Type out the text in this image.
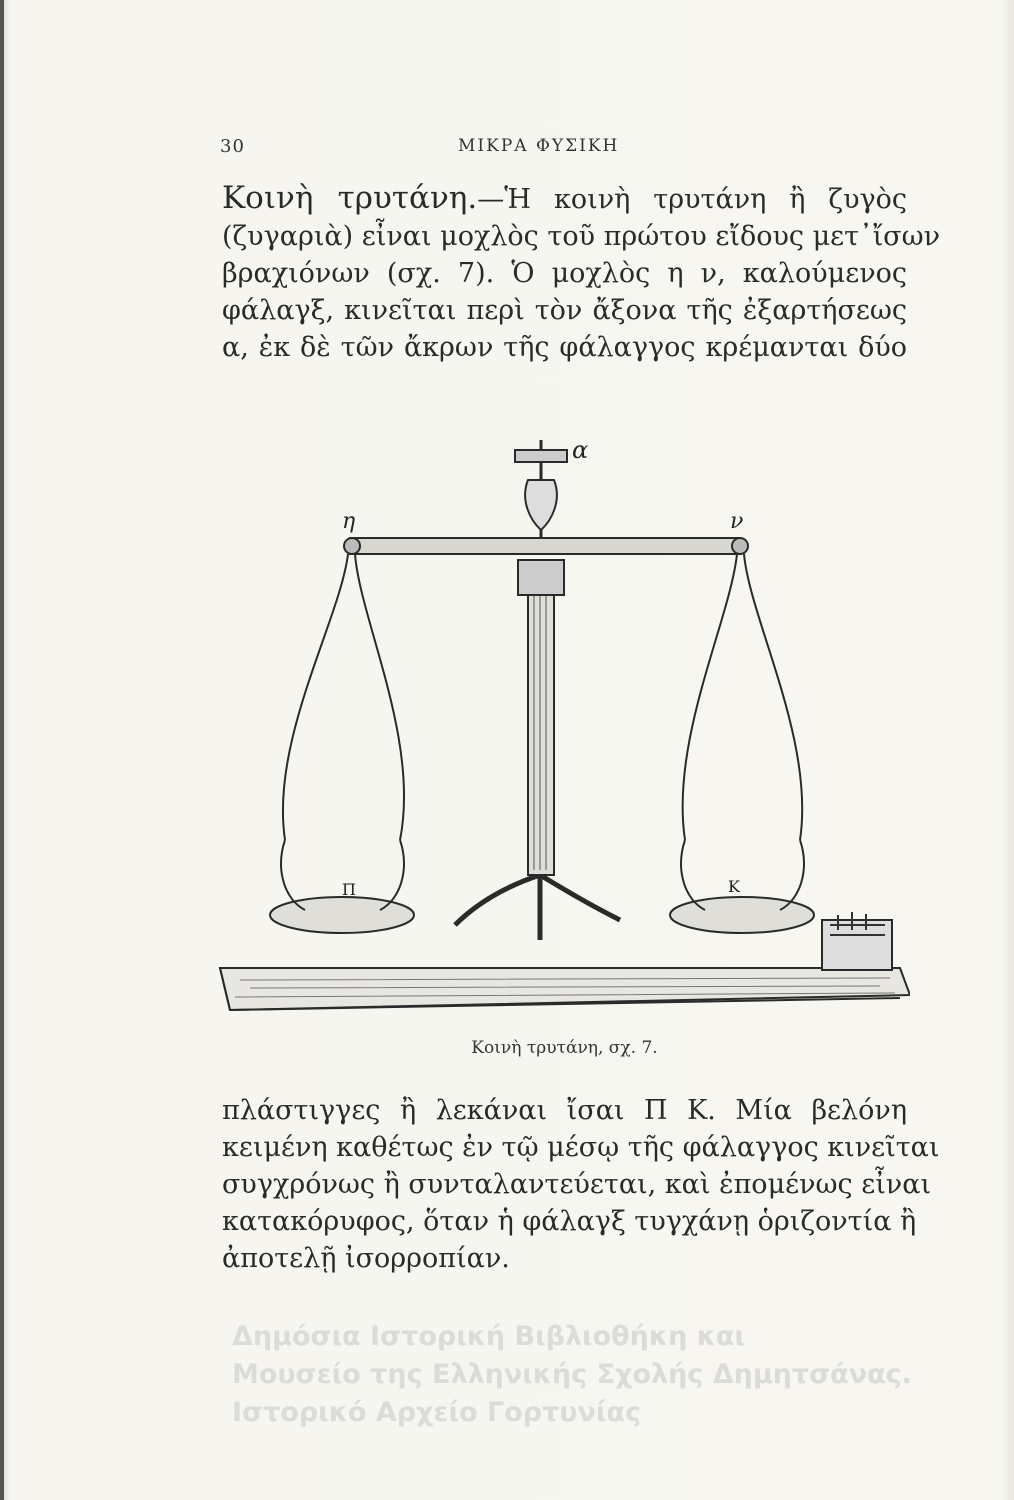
30	ΜΙΚΡΑ ΦΥΣΙΚΗ
Κοινὴ τρυτάνη.—Ἡ κοινὴ τρυτάνη ἢ ζυγὸς
(ζυγαριὰ) εἶναι μοχλὸς τοῦ πρώτου εἴδους μετ᾽ἴσων
βραχιόνων (σχ. 7). Ὁ μοχλὸς η ν, καλούμενος
φάλαγξ, κινεῖται περὶ τὸν ἄξονα τῆς ἐξαρτήσεως
α, ἐκ δὲ τῶν ἄκρων τῆς φάλαγγος κρέμανται δύο
α
η	ν
Π	Κ
Κοινὴ τρυτάνη, σχ. 7.
πλάστιγγες ἢ λεκάναι ἴσαι Π Κ. Μία βελόνη
κειμένη καθέτως ἐν τῷ μέσῳ τῆς φάλαγγος κινεῖται
συγχρόνως ἢ συνταλαντεύεται, καὶ ἐπομένως εἶναι
κατακόρυφος, ὅταν ἡ φάλαγξ τυγχάνῃ ὁριζοντία ἢ
ἀποτελῇ ἰσορροπίαν.
Δημόσια Ιστορική Βιβλιοθήκη και
Μουσείο της Ελληνικής Σχολής Δημητσάνας.
Ιστορικό Αρχείο Γορτυνίας
